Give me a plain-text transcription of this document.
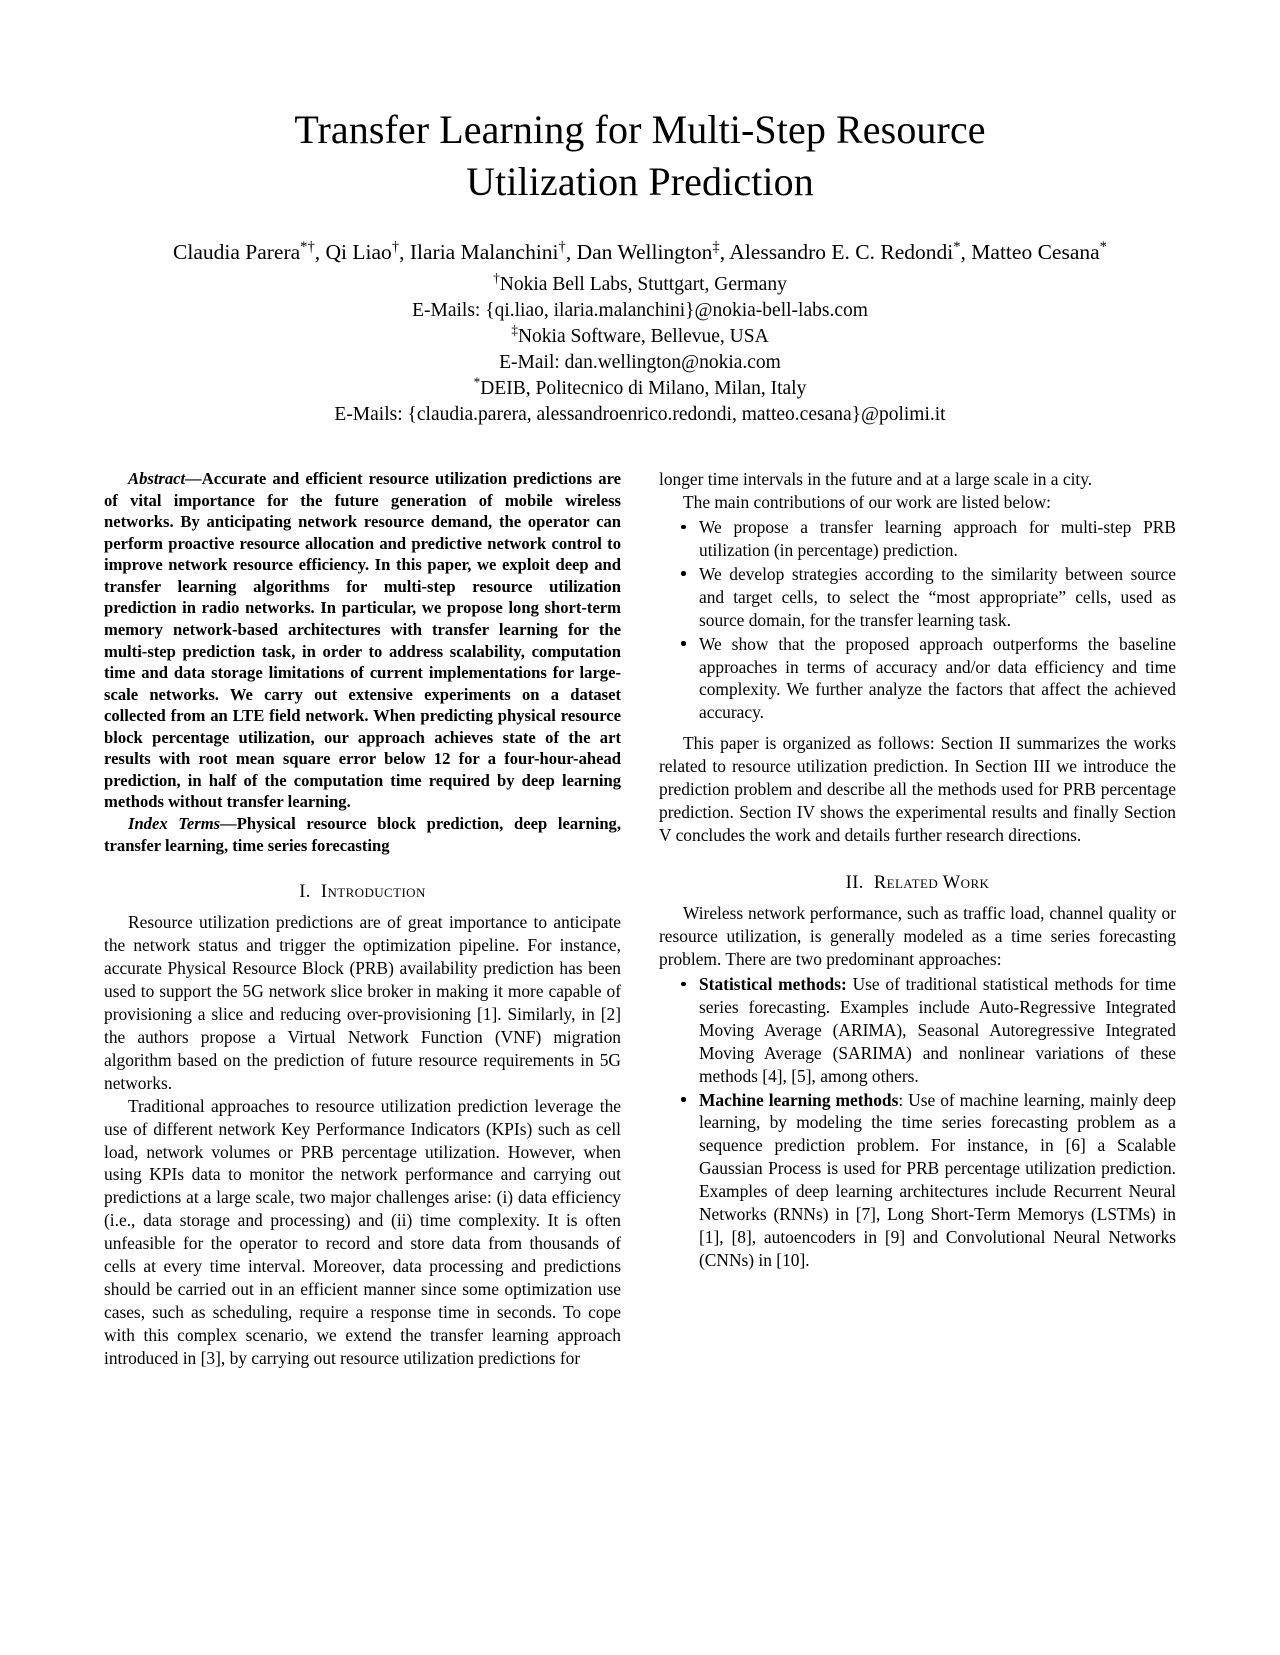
Transfer Learning for Multi-Step Resource Utilization Prediction
Claudia Parera*†, Qi Liao†, Ilaria Malanchini†, Dan Wellington‡, Alessandro E. C. Redondi*, Matteo Cesana*
†Nokia Bell Labs, Stuttgart, Germany
E-Mails: {qi.liao, ilaria.malanchini}@nokia-bell-labs.com
‡Nokia Software, Bellevue, USA
E-Mail: dan.wellington@nokia.com
*DEIB, Politecnico di Milano, Milan, Italy
E-Mails: {claudia.parera, alessandroenrico.redondi, matteo.cesana}@polimi.it

Abstract—Accurate and efficient resource utilization predictions are of vital importance for the future generation of mobile wireless networks. By anticipating network resource demand, the operator can perform proactive resource allocation and predictive network control to improve network resource efficiency. In this paper, we exploit deep and transfer learning algorithms for multi-step resource utilization prediction in radio networks. In particular, we propose long short-term memory network-based architectures with transfer learning for the multi-step prediction task, in order to address scalability, computation time and data storage limitations of current implementations for large-scale networks. We carry out extensive experiments on a dataset collected from an LTE field network. When predicting physical resource block percentage utilization, our approach achieves state of the art results with root mean square error below 12 for a four-hour-ahead prediction, in half of the computation time required by deep learning methods without transfer learning.

Index Terms—Physical resource block prediction, deep learning, transfer learning, time series forecasting

I. Introduction

Resource utilization predictions are of great importance to anticipate the network status and trigger the optimization pipeline. For instance, accurate Physical Resource Block (PRB) availability prediction has been used to support the 5G network slice broker in making it more capable of provisioning a slice and reducing over-provisioning [1]. Similarly, in [2] the authors propose a Virtual Network Function (VNF) migration algorithm based on the prediction of future resource requirements in 5G networks.

Traditional approaches to resource utilization prediction leverage the use of different network Key Performance Indicators (KPIs) such as cell load, network volumes or PRB percentage utilization. However, when using KPIs data to monitor the network performance and carrying out predictions at a large scale, two major challenges arise: (i) data efficiency (i.e., data storage and processing) and (ii) time complexity. It is often unfeasible for the operator to record and store data from thousands of cells at every time interval. Moreover, data processing and predictions should be carried out in an efficient manner since some optimization use cases, such as scheduling, require a response time in seconds. To cope with this complex scenario, we extend the transfer learning approach introduced in [3], by carrying out resource utilization predictions for

longer time intervals in the future and at a large scale in a city.

The main contributions of our work are listed below:

We propose a transfer learning approach for multi-step PRB utilization (in percentage) prediction.
We develop strategies according to the similarity between source and target cells, to select the “most appropriate” cells, used as source domain, for the transfer learning task.
We show that the proposed approach outperforms the baseline approaches in terms of accuracy and/or data efficiency and time complexity. We further analyze the factors that affect the achieved accuracy.

This paper is organized as follows: Section II summarizes the works related to resource utilization prediction. In Section III we introduce the prediction problem and describe all the methods used for PRB percentage prediction. Section IV shows the experimental results and finally Section V concludes the work and details further research directions.

II. Related Work

Wireless network performance, such as traffic load, channel quality or resource utilization, is generally modeled as a time series forecasting problem. There are two predominant approaches:

Statistical methods: Use of traditional statistical methods for time series forecasting. Examples include Auto-Regressive Integrated Moving Average (ARIMA), Seasonal Autoregressive Integrated Moving Average (SARIMA) and nonlinear variations of these methods [4], [5], among others.
Machine learning methods: Use of machine learning, mainly deep learning, by modeling the time series forecasting problem as a sequence prediction problem. For instance, in [6] a Scalable Gaussian Process is used for PRB percentage utilization prediction. Examples of deep learning architectures include Recurrent Neural Networks (RNNs) in [7], Long Short-Term Memorys (LSTMs) in [1], [8], autoencoders in [9] and Convolutional Neural Networks (CNNs) in [10].
